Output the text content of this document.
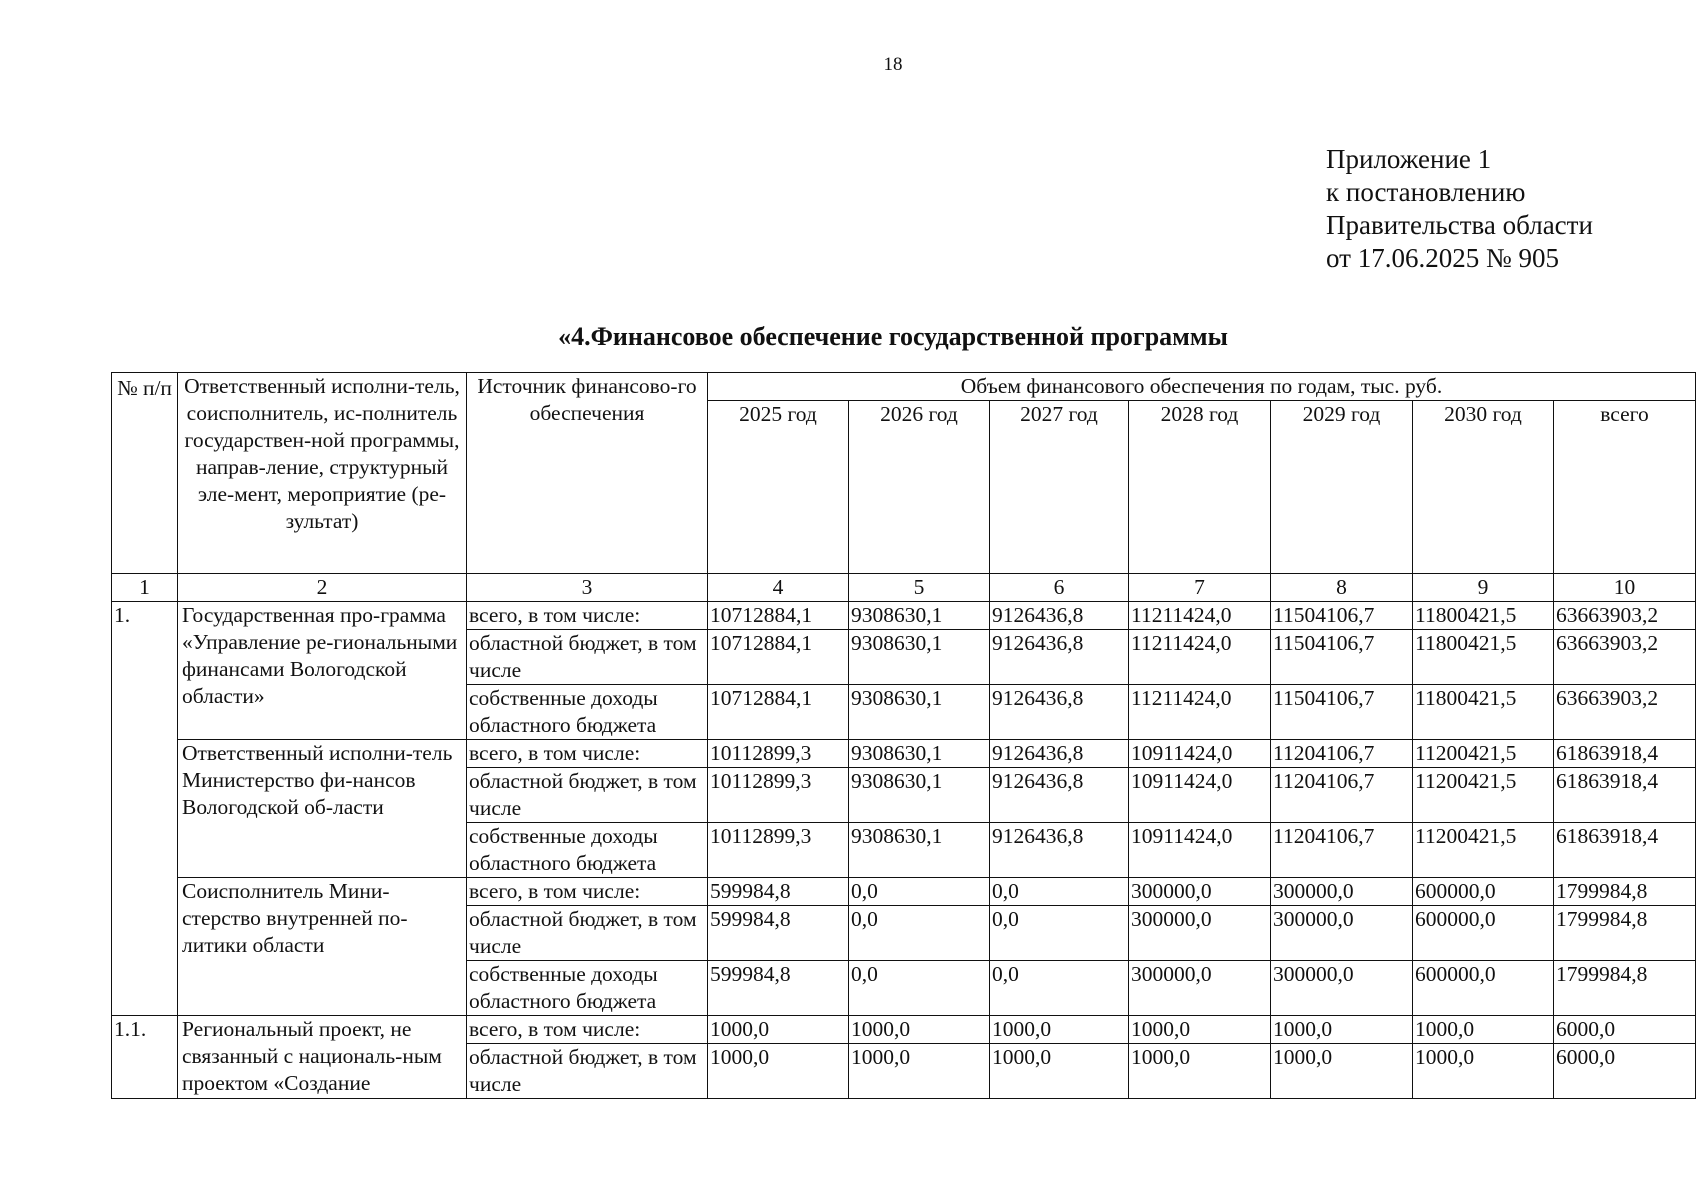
18
Приложение 1
к постановлению
Правительства области
от 17.06.2025 № 905
«4.Финансовое обеспечение государственной программы
№ п/п	Ответственный исполни-тель, соисполнитель, ис-полнитель государствен-ной программы, направ-ление, структурный эле-мент, мероприятие (ре-зультат)	Источник финансово-го обеспечения	Объем финансового обеспечения по годам, тыс. руб.						
			2025 год	2026 год	2027 год	2028 год	2029 год	2030 год	всего
1	2	3	4	5	6	7	8	9	10
1.	Государственная про-грамма «Управление ре-гиональными финансами Вологодской области»	всего, в том числе:	10712884,1	9308630,1	9126436,8	11211424,0	11504106,7	11800421,5	63663903,2
		областной бюджет, в том числе	10712884,1	9308630,1	9126436,8	11211424,0	11504106,7	11800421,5	63663903,2
		собственные доходы областного бюджета	10712884,1	9308630,1	9126436,8	11211424,0	11504106,7	11800421,5	63663903,2
	Ответственный исполни-тель Министерство фи-нансов Вологодской об-ласти	всего, в том числе:	10112899,3	9308630,1	9126436,8	10911424,0	11204106,7	11200421,5	61863918,4
		областной бюджет, в том числе	10112899,3	9308630,1	9126436,8	10911424,0	11204106,7	11200421,5	61863918,4
		собственные доходы областного бюджета	10112899,3	9308630,1	9126436,8	10911424,0	11204106,7	11200421,5	61863918,4
	Соисполнитель Мини-стерство внутренней по-литики области	всего, в том числе:	599984,8	0,0	0,0	300000,0	300000,0	600000,0	1799984,8
		областной бюджет, в том числе	599984,8	0,0	0,0	300000,0	300000,0	600000,0	1799984,8
		собственные доходы областного бюджета	599984,8	0,0	0,0	300000,0	300000,0	600000,0	1799984,8
1.1.	Региональный проект, не связанный с националь-ным проектом «Создание	всего, в том числе:	1000,0	1000,0	1000,0	1000,0	1000,0	1000,0	6000,0
		областной бюджет, в том числе	1000,0	1000,0	1000,0	1000,0	1000,0	1000,0	6000,0
